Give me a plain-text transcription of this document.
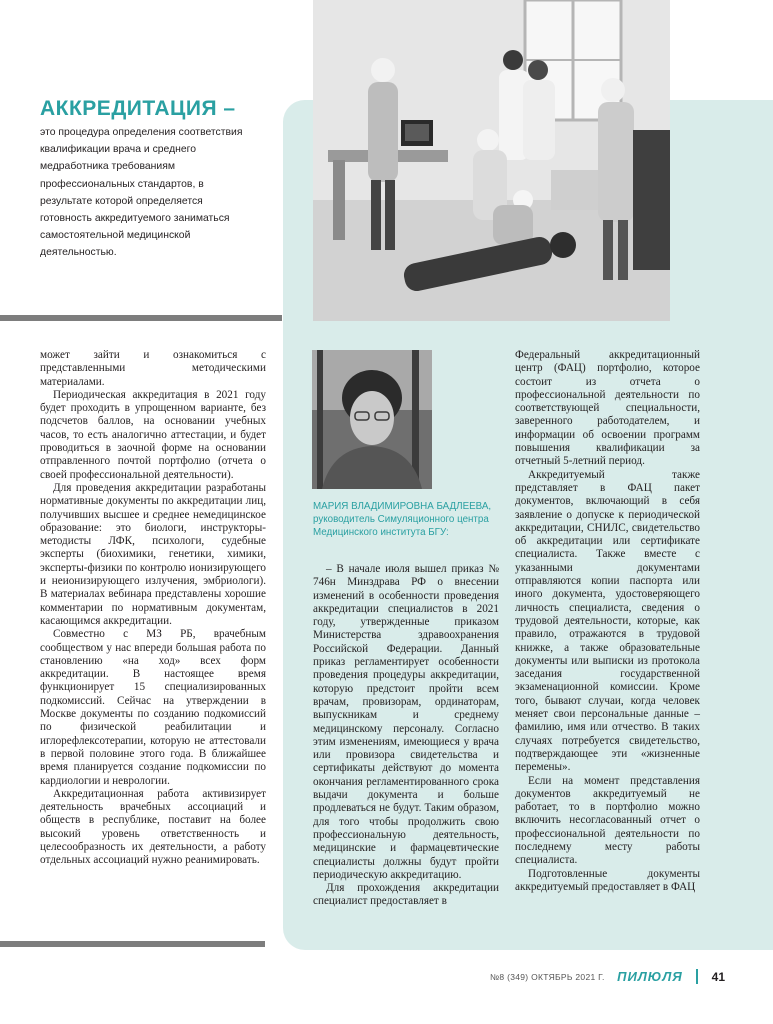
АККРЕДИТАЦИЯ –
это процедура определения соответствия квалификации врача и среднего медработника требованиям профессиональных стандартов, в результате которой определяется готовность аккредитуемого заниматься самостоятельной медицинской деятельностью.

может зайти и ознакомиться с представленными методическими материалами.

Периодическая аккредитация в 2021 году будет проходить в упрощенном варианте, без подсчетов баллов, на основании учебных часов, то есть аналогично аттестации, и будет проводиться в заочной форме на основании отправленного почтой портфолио (отчета о своей профессиональной деятельности).

Для проведения аккредитации разработаны нормативные документы по аккредитации лиц, получивших высшее и среднее немедицинское образование: это биологи, инструкторы-методисты ЛФК, психологи, судебные эксперты (биохимики, генетики, химики, эксперты-физики по контролю ионизирующего и неионизирующего излучения, эмбриологи). В материалах вебинара представлены хорошие комментарии по нормативным документам, касающимся аккредитации.

Совместно с МЗ РБ, врачебным сообществом у нас впереди большая работа по становлению «на ход» всех форм аккредитации. В настоящее время функционирует 15 специализированных подкомиссий. Сейчас на утверждении в Москве документы по созданию подкомиссий по физической реабилитации и иглорефлексотерапии, которую не аттестовали в первой половине этого года. В ближайшее время планируется создание подкомиссии по кардиологии и неврологии.

Аккредитационная работа активизирует деятельность врачебных ассоциаций и обществ в республике, поставит на более высокий уровень ответственность и целесообразность их деятельности, а работу отдельных ассоциаций нужно реанимировать.

МАРИЯ ВЛАДИМИРОВНА БАДЛЕЕВА,
руководитель Симуляционного центра Медицинского института БГУ:

– В начале июля вышел приказ № 746н Минздрава РФ о внесении изменений в особенности проведения аккредитации специалистов в 2021 году, утвержденные приказом Министерства здравоохранения Российской Федерации. Данный приказ регламентирует особенности проведения процедуры аккредитации, которую предстоит пройти всем врачам, провизорам, ординаторам, выпускникам и среднему медицинскому персоналу. Согласно этим изменениям, имеющиеся у врача или провизора свидетельства и сертификаты действуют до момента окончания регламентированного срока выдачи документа и больше продлеваться не будут. Таким образом, для того чтобы продолжить свою профессиональную деятельность, медицинские и фармацевтические специалисты должны будут пройти периодическую аккредитацию.

Для прохождения аккредитации специалист предоставляет в

Федеральный аккредитационный центр (ФАЦ) портфолио, которое состоит из отчета о профессиональной деятельности по соответствующей специальности, заверенного работодателем, и информации об освоении программ повышения квалификации за отчетный 5-летний период.

Аккредитуемый также представляет в ФАЦ пакет документов, включающий в себя заявление о допуске к периодической аккредитации, СНИЛС, свидетельство об аккредитации или сертификате специалиста. Также вместе с указанными документами отправляются копии паспорта или иного документа, удостоверяющего личность специалиста, сведения о трудовой деятельности, которые, как правило, отражаются в трудовой книжке, а также образовательные документы или выписки из протокола заседания государственной экзаменационной комиссии. Кроме того, бывают случаи, когда человек меняет свои персональные данные – фамилию, имя или отчество. В таких случаях потребуется свидетельство, подтверждающее эти «жизненные перемены».

Если на момент представления документов аккредитуемый не работает, то в портфолио можно включить несогласованный отчет о профессиональной деятельности по последнему месту работы специалиста.

Подготовленные документы аккредитуемый предоставляет в ФАЦ

№8 (349) ОКТЯБРЬ 2021 Г. ПИЛЮЛЯ 41
